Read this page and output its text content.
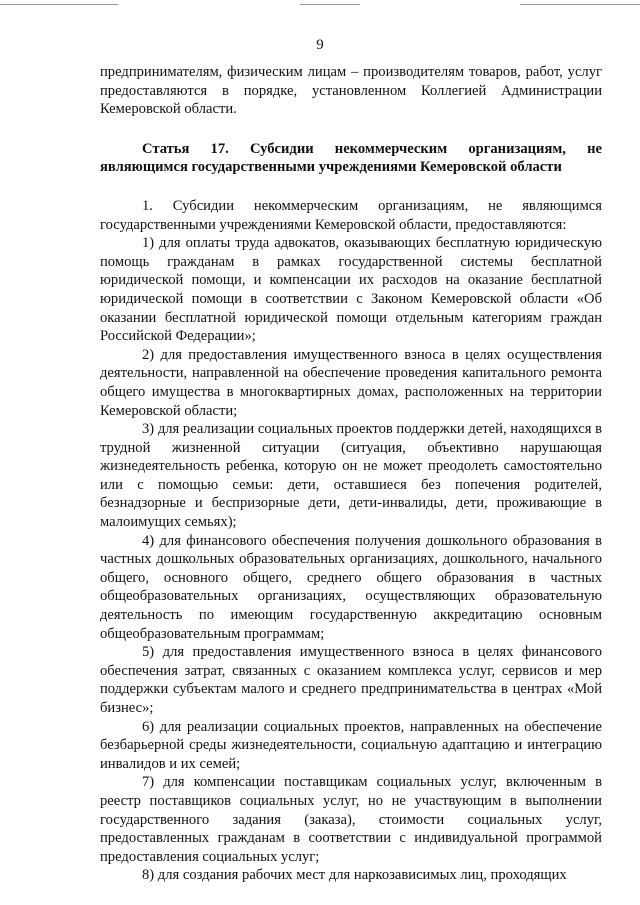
9

предпринимателям, физическим лицам – производителям товаров, работ, услуг предоставляются в порядке, установленном Коллегией Администрации Кемеровской области.

Статья 17. Субсидии некоммерческим организациям, не являющимся государственными учреждениями Кемеровской области

1. Субсидии некоммерческим организациям, не являющимся государственными учреждениями Кемеровской области, предоставляются:

1) для оплаты труда адвокатов, оказывающих бесплатную юридическую помощь гражданам в рамках государственной системы бесплатной юридической помощи, и компенсации их расходов на оказание бесплатной юридической помощи в соответствии с Законом Кемеровской области «Об оказании бесплатной юридической помощи отдельным категориям граждан Российской Федерации»;

2) для предоставления имущественного взноса в целях осуществления деятельности, направленной на обеспечение проведения капитального ремонта общего имущества в многоквартирных домах, расположенных на территории Кемеровской области;

3) для реализации социальных проектов поддержки детей, находящихся в трудной жизненной ситуации (ситуация, объективно нарушающая жизнедеятельность ребенка, которую он не может преодолеть самостоятельно или с помощью семьи: дети, оставшиеся без попечения родителей, безнадзорные и беспризорные дети, дети-инвалиды, дети, проживающие в малоимущих семьях);

4) для финансового обеспечения получения дошкольного образования в частных дошкольных образовательных организациях, дошкольного, начального общего, основного общего, среднего общего образования в частных общеобразовательных организациях, осуществляющих образовательную деятельность по имеющим государственную аккредитацию основным общеобразовательным программам;

5) для предоставления имущественного взноса в целях финансового обеспечения затрат, связанных с оказанием комплекса услуг, сервисов и мер поддержки субъектам малого и среднего предпринимательства в центрах «Мой бизнес»;

6) для реализации социальных проектов, направленных на обеспечение безбарьерной среды жизнедеятельности, социальную адаптацию и интеграцию инвалидов и их семей;

7) для компенсации поставщикам социальных услуг, включенным в реестр поставщиков социальных услуг, но не участвующим в выполнении государственного задания (заказа), стоимости социальных услуг, предоставленных гражданам в соответствии с индивидуальной программой предоставления социальных услуг;

8) для создания рабочих мест для наркозависимых лиц, проходящих
